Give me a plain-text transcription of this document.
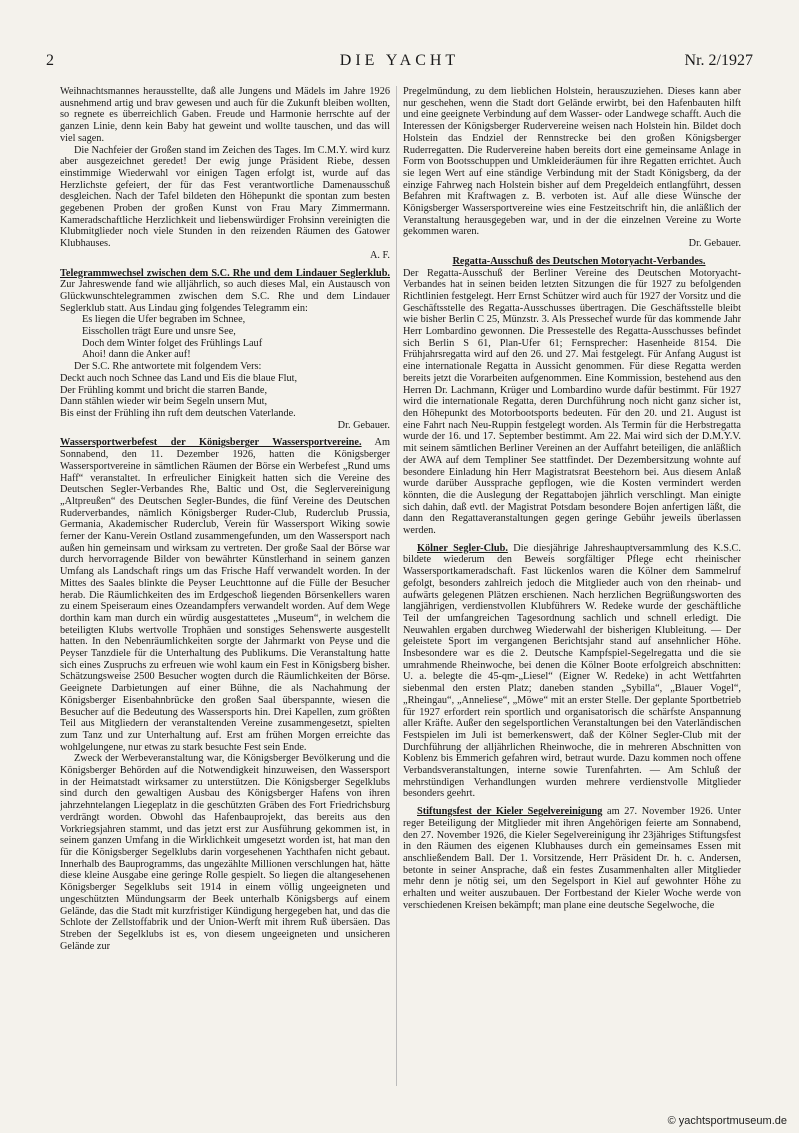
2	DIE YACHT	Nr. 2/1927

Weihnachtsmannes herausstellte, daß alle Jungens und Mädels im Jahre 1926 ausnehmend artig und brav gewesen und auch für die Zukunft bleiben wollten, so regnete es überreichlich Gaben. Freude und Harmonie herrschte auf der ganzen Linie, denn kein Baby hat geweint und wollte tauschen, und das will viel sagen.

Die Nachfeier der Großen stand im Zeichen des Tages. Im C.M.Y. wird kurz aber ausgezeichnet geredet! Der ewig junge Präsident Riebe, dessen einstimmige Wiederwahl vor einigen Tagen erfolgt ist, wurde auf das Herzlichste gefeiert, der für das Fest verantwortliche Damenausschuß desgleichen. Nach der Tafel bildeten den Höhepunkt die spontan zum besten gegebenen Proben der großen Kunst von Frau Mary Zimmermann. Kameradschaftliche Herzlichkeit und liebenswürdiger Frohsinn vereinigten die Klubmitglieder noch viele Stunden in den reizenden Räumen des Gatower Klubhauses.

A. F.

Telegrammwechsel zwischen dem S.C. Rhe und dem Lindauer Seglerklub. Zur Jahreswende fand wie alljährlich, so auch dieses Mal, ein Austausch von Glückwunschtelegrammen zwischen dem S.C. Rhe und dem Lindauer Seglerklub statt. Aus Lindau ging folgendes Telegramm ein:

Es liegen die Ufer begraben im Schnee,

Eisschollen trägt Eure und unsre See,

Doch dem Winter folget des Frühlings Lauf

Ahoi! dann die Anker auf!

Der S.C. Rhe antwortete mit folgendem Vers:

Deckt auch noch Schnee das Land und Eis die blaue Flut,

Der Frühling kommt und bricht die starren Bande,

Dann stählen wieder wir beim Segeln unsern Mut,

Bis einst der Frühling ihn ruft dem deutschen Vaterlande.

Dr. Gebauer.

Wassersportwerbefest der Königsberger Wassersportvereine. Am Sonnabend, den 11. Dezember 1926, hatten die Königsberger Wassersportvereine in sämtlichen Räumen der Börse ein Werbefest „Rund ums Haff“ veranstaltet. In erfreulicher Einigkeit hatten sich die Vereine des Deutschen Segler-Verbandes Rhe, Baltic und Ost, die Seglervereinigung „Altpreußen“ des Deutschen Segler-Bundes, die fünf Vereine des Deutschen Ruderverbandes, nämlich Königsberger Ruder-Club, Ruderclub Prussia, Germania, Akademischer Ruderclub, Verein für Wassersport Wiking sowie ferner der Kanu-Verein Ostland zusammengefunden, um den Wassersport nach außen hin gemeinsam und wirksam zu vertreten. Der große Saal der Börse war durch hervorragende Bilder von bewährter Künstlerhand in seinem ganzen Umfang als Landschaft rings um das Frische Haff verwandelt worden. In der Mittes des Saales blinkte die Peyser Leuchttonne auf die Fülle der Besucher herab. Die Räumlichkeiten des im Erdgeschoß liegenden Börsenkellers waren zu einem Speiseraum eines Ozeandampfers verwandelt worden. Auf dem Wege dorthin kam man durch ein würdig ausgestattetes „Museum“, in welchem die beteiligten Klubs wertvolle Trophäen und sonstiges Sehenswerte ausgestellt hatten. In den Nebenräumlichkeiten sorgte der Jahrmarkt von Peyse und die Peyser Tanzdiele für die Unterhaltung des Publikums. Die Veranstaltung hatte sich eines Zuspruchs zu erfreuen wie wohl kaum ein Fest in Königsberg bisher. Schätzungsweise 2500 Besucher wogten durch die Räumlichkeiten der Börse. Geeignete Darbietungen auf einer Bühne, die als Nachahmung der Königsberger Eisenbahnbrücke den großen Saal überspannte, wiesen die Besucher auf die Bedeutung des Wassersports hin. Drei Kapellen, zum größten Teil aus Mitgliedern der veranstaltenden Vereine zusammengesetzt, spielten zum Tanz und zur Unterhaltung auf. Erst am frühen Morgen erreichte das wohlgelungene, nur etwas zu stark besuchte Fest sein Ende.

Zweck der Werbeveranstaltung war, die Königsberger Bevölkerung und die Königsberger Behörden auf die Notwendigkeit hinzuweisen, den Wassersport in der Heimatstadt wirksamer zu unterstützen. Die Königsberger Segelklubs sind durch den gewaltigen Ausbau des Königsberger Hafens von ihren jahrzehntelangen Liegeplatz in die geschützten Gräben des Fort Friedrichsburg verdrängt worden. Obwohl das Hafenbauprojekt, das bereits aus den Vorkriegsjahren stammt, und das jetzt erst zur Ausführung gekommen ist, in seinem ganzen Umfang in die Wirklichkeit umgesetzt worden ist, hat man den für die Königsberger Segelklubs darin vorgesehenen Yachthafen nicht gebaut. Innerhalb des Bauprogramms, das ungezählte Millionen verschlungen hat, hätte diese kleine Ausgabe eine geringe Rolle gespielt. So liegen die altangesehenen Königsberger Segelklubs seit 1914 in einem völlig ungeeigneten und ungeschützten Mündungsarm der Beek unterhalb Königsbergs auf einem Gelände, das die Stadt mit kurzfristiger Kündigung hergegeben hat, und das die Schlote der Zellstoffabrik und der Union-Werft mit ihrem Ruß übersäen. Das Streben der Segelklubs ist es, von diesem ungeeigneten und unsicheren Gelände zur

Pregelmündung, zu dem lieblichen Holstein, herauszuziehen. Dieses kann aber nur geschehen, wenn die Stadt dort Gelände erwirbt, bei den Hafenbauten hilft und eine geeignete Verbindung auf dem Wasser- oder Landwege schafft. Auch die Interessen der Königsberger Rudervereine weisen nach Holstein hin. Bildet doch Holstein das Endziel der Rennstrecke bei den großen Königsberger Ruderregatten. Die Rudervereine haben bereits dort eine gemeinsame Anlage in Form von Bootsschuppen und Umkleideräumen für ihre Regatten errichtet. Auch sie legen Wert auf eine ständige Verbindung mit der Stadt Königsberg, da der einzige Fahrweg nach Holstein bisher auf dem Pregeldeich entlangführt, dessen Befahren mit Kraftwagen z. B. verboten ist. Auf alle diese Wünsche der Königsberger Wassersportvereine wies eine Festzeitschrift hin, die anläßlich der Veranstaltung herausgegeben war, und in der die einzelnen Vereine zu Worte gekommen waren.

Dr. Gebauer.

Regatta-Ausschuß des Deutschen Motoryacht-Verbandes.

Der Regatta-Ausschuß der Berliner Vereine des Deutschen Motoryacht-Verbandes hat in seinen beiden letzten Sitzungen die für 1927 zu befolgenden Richtlinien festgelegt. Herr Ernst Schützer wird auch für 1927 der Vorsitz und die Geschäftsstelle des Regatta-Ausschusses übertragen. Die Geschäftsstelle bleibt wie bisher Berlin C 25, Münzstr. 3. Als Pressechef wurde für das kommende Jahr Herr Lombardino gewonnen. Die Pressestelle des Regatta-Ausschusses befindet sich Berlin S 61, Plan-Ufer 61; Fernsprecher: Hasenheide 8154. Die Frühjahrsregatta wird auf den 26. und 27. Mai festgelegt. Für Anfang August ist eine internationale Regatta in Aussicht genommen. Für diese Regatta werden bereits jetzt die Vorarbeiten aufgenommen. Eine Kommission, bestehend aus den Herren Dr. Lachmann, Krüger und Lombardino wurde dafür bestimmt. Für 1927 wird die internationale Regatta, deren Durchführung noch nicht ganz sicher ist, den Höhepunkt des Motorbootsports bedeuten. Für den 20. und 21. August ist eine Fahrt nach Neu-Ruppin festgelegt worden. Als Termin für die Herbstregatta wurde der 16. und 17. September bestimmt. Am 22. Mai wird sich der D.M.Y.V. mit seinem sämtlichen Berliner Vereinen an der Auffahrt beteiligen, die anläßlich der AWA auf dem Templiner See stattfindet. Der Dezembersitzung wohnte auf besondere Einladung hin Herr Magistratsrat Beestehorn bei. Aus diesem Anlaß wurde darüber Aussprache gepflogen, wie die Kosten vermindert werden könnten, die die Auslegung der Regattabojen jährlich verschlingt. Man einigte sich dahin, daß evtl. der Magistrat Potsdam besondere Bojen anfertigen läßt, die dann den Regattaveranstaltungen gegen geringe Gebühr jeweils überlassen werden.

Kölner Segler-Club. Die diesjährige Jahreshauptversammlung des K.S.C. bildete wiederum den Beweis sorgfältiger Pflege echt rheinischer Wassersportkameradschaft. Fast lückenlos waren die Kölner dem Sammelruf gefolgt, besonders zahlreich jedoch die Mitglieder auch von den rheinab- und aufwärts gelegenen Plätzen erschienen. Nach herzlichen Begrüßungsworten des langjährigen, verdienstvollen Klubführers W. Redeke wurde der geschäftliche Teil der umfangreichen Tagesordnung sachlich und schnell erledigt. Die Neuwahlen ergaben durchweg Wiederwahl der bisherigen Klubleitung. — Der geleistete Sport im vergangenen Berichtsjahr stand auf ansehnlicher Höhe. Insbesondere war es die 2. Deutsche Kampfspiel-Segelregatta und die sie umrahmende Rheinwoche, bei denen die Kölner Boote erfolgreich abschnitten: U. a. belegte die 45-qm-„Liesel“ (Eigner W. Redeke) in acht Wettfahrten siebenmal den ersten Platz; daneben standen „Sybilla“, „Blauer Vogel“, „Rheingau“, „Anneliese“, „Möwe“ mit an erster Stelle. Der geplante Sportbetrieb für 1927 erfordert rein sportlich und organisatorisch die schärfste Anspannung aller Kräfte. Außer den segelsportlichen Veranstaltungen bei den Vaterländischen Festspielen im Juli ist bemerkenswert, daß der Kölner Segler-Club mit der Durchführung der alljährlichen Rheinwoche, die in mehreren Abschnitten von Koblenz bis Emmerich gefahren wird, betraut wurde. Dazu kommen noch offene Verbandsveranstaltungen, interne sowie Turenfahrten. — Am Schluß der mehrstündigen Verhandlungen wurden mehrere verdienstvolle Mitglieder besonders geehrt.

Stiftungsfest der Kieler Segelvereinigung am 27. November 1926. Unter reger Beteiligung der Mitglieder mit ihren Angehörigen feierte am Sonnabend, den 27. November 1926, die Kieler Segelvereinigung ihr 23jähriges Stiftungsfest in den Räumen des eigenen Klubhauses durch ein gemeinsames Essen mit anschließendem Ball. Der 1. Vorsitzende, Herr Präsident Dr. h. c. Andersen, betonte in seiner Ansprache, daß ein festes Zusammenhalten aller Mitglieder mehr denn je nötig sei, um den Segelsport in Kiel auf gewohnter Höhe zu erhalten und weiter auszubauen. Der Fortbestand der Kieler Woche werde von verschiedenen Kreisen bekämpft; man plane eine deutsche Segelwoche, die

© yachtsportmuseum.de
